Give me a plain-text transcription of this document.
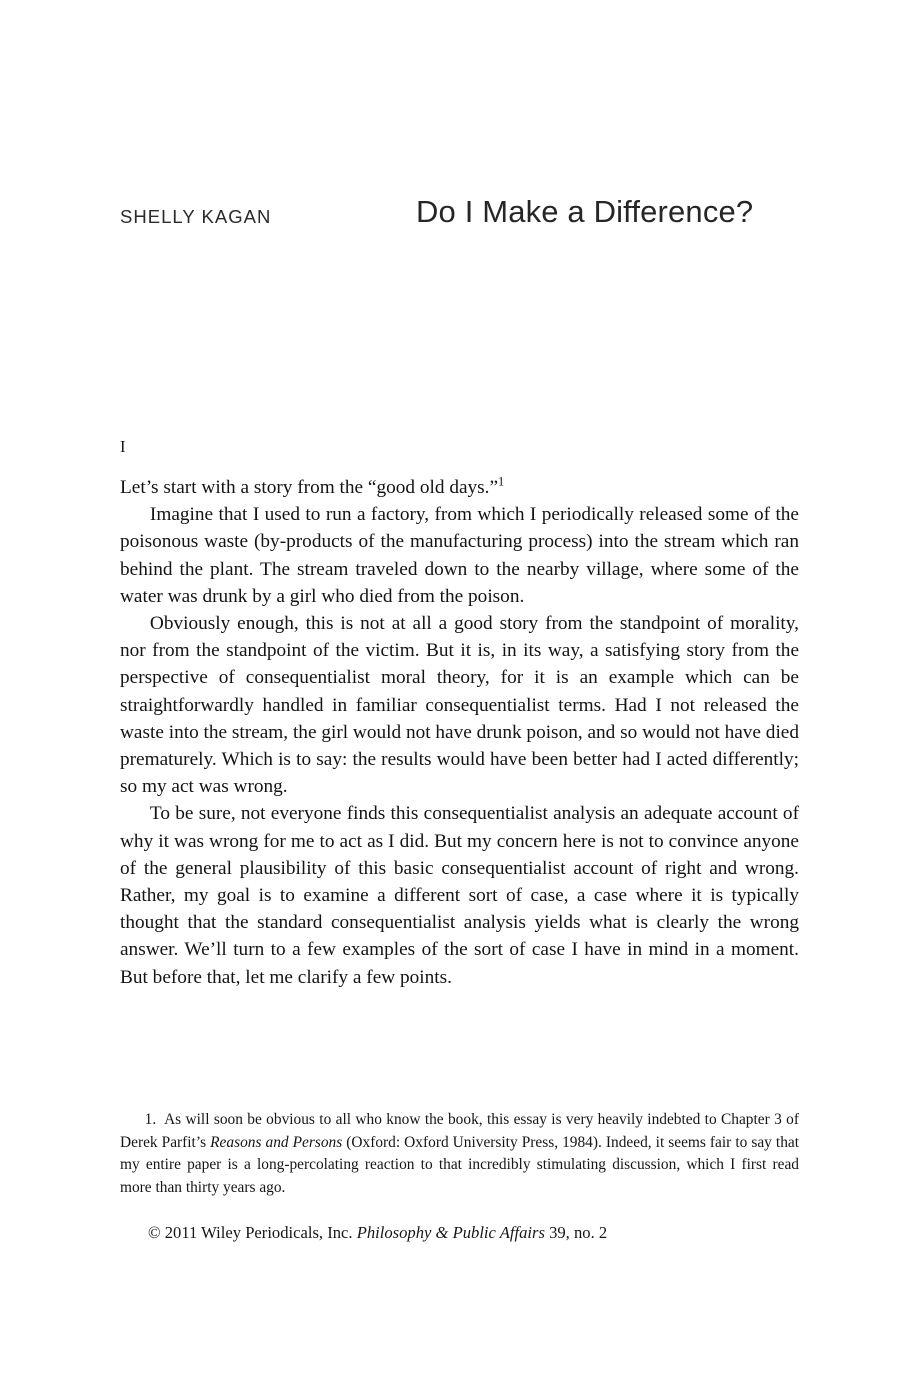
SHELLY KAGAN	Do I Make a Difference?
I

Let’s start with a story from the “good old days.”$^1$

Imagine that I used to run a factory, from which I periodically released some of the poisonous waste (by-products of the manufacturing process) into the stream which ran behind the plant. The stream traveled down to the nearby village, where some of the water was drunk by a girl who died from the poison.

Obviously enough, this is not at all a good story from the standpoint of morality, nor from the standpoint of the victim. But it is, in its way, a satisfying story from the perspective of consequentialist moral theory, for it is an example which can be straightforwardly handled in familiar consequentialist terms. Had I not released the waste into the stream, the girl would not have drunk poison, and so would not have died prematurely. Which is to say: the results would have been better had I acted differently; so my act was wrong.

To be sure, not everyone finds this consequentialist analysis an adequate account of why it was wrong for me to act as I did. But my concern here is not to convince anyone of the general plausibility of this basic consequentialist account of right and wrong. Rather, my goal is to examine a different sort of case, a case where it is typically thought that the standard consequentialist analysis yields what is clearly the wrong answer. We’ll turn to a few examples of the sort of case I have in mind in a moment. But before that, let me clarify a few points.

1. As will soon be obvious to all who know the book, this essay is very heavily indebted to Chapter 3 of Derek Parfit’s Reasons and Persons (Oxford: Oxford University Press, 1984). Indeed, it seems fair to say that my entire paper is a long-percolating reaction to that incredibly stimulating discussion, which I first read more than thirty years ago.
© 2011 Wiley Periodicals, Inc. Philosophy & Public Affairs 39, no. 2
